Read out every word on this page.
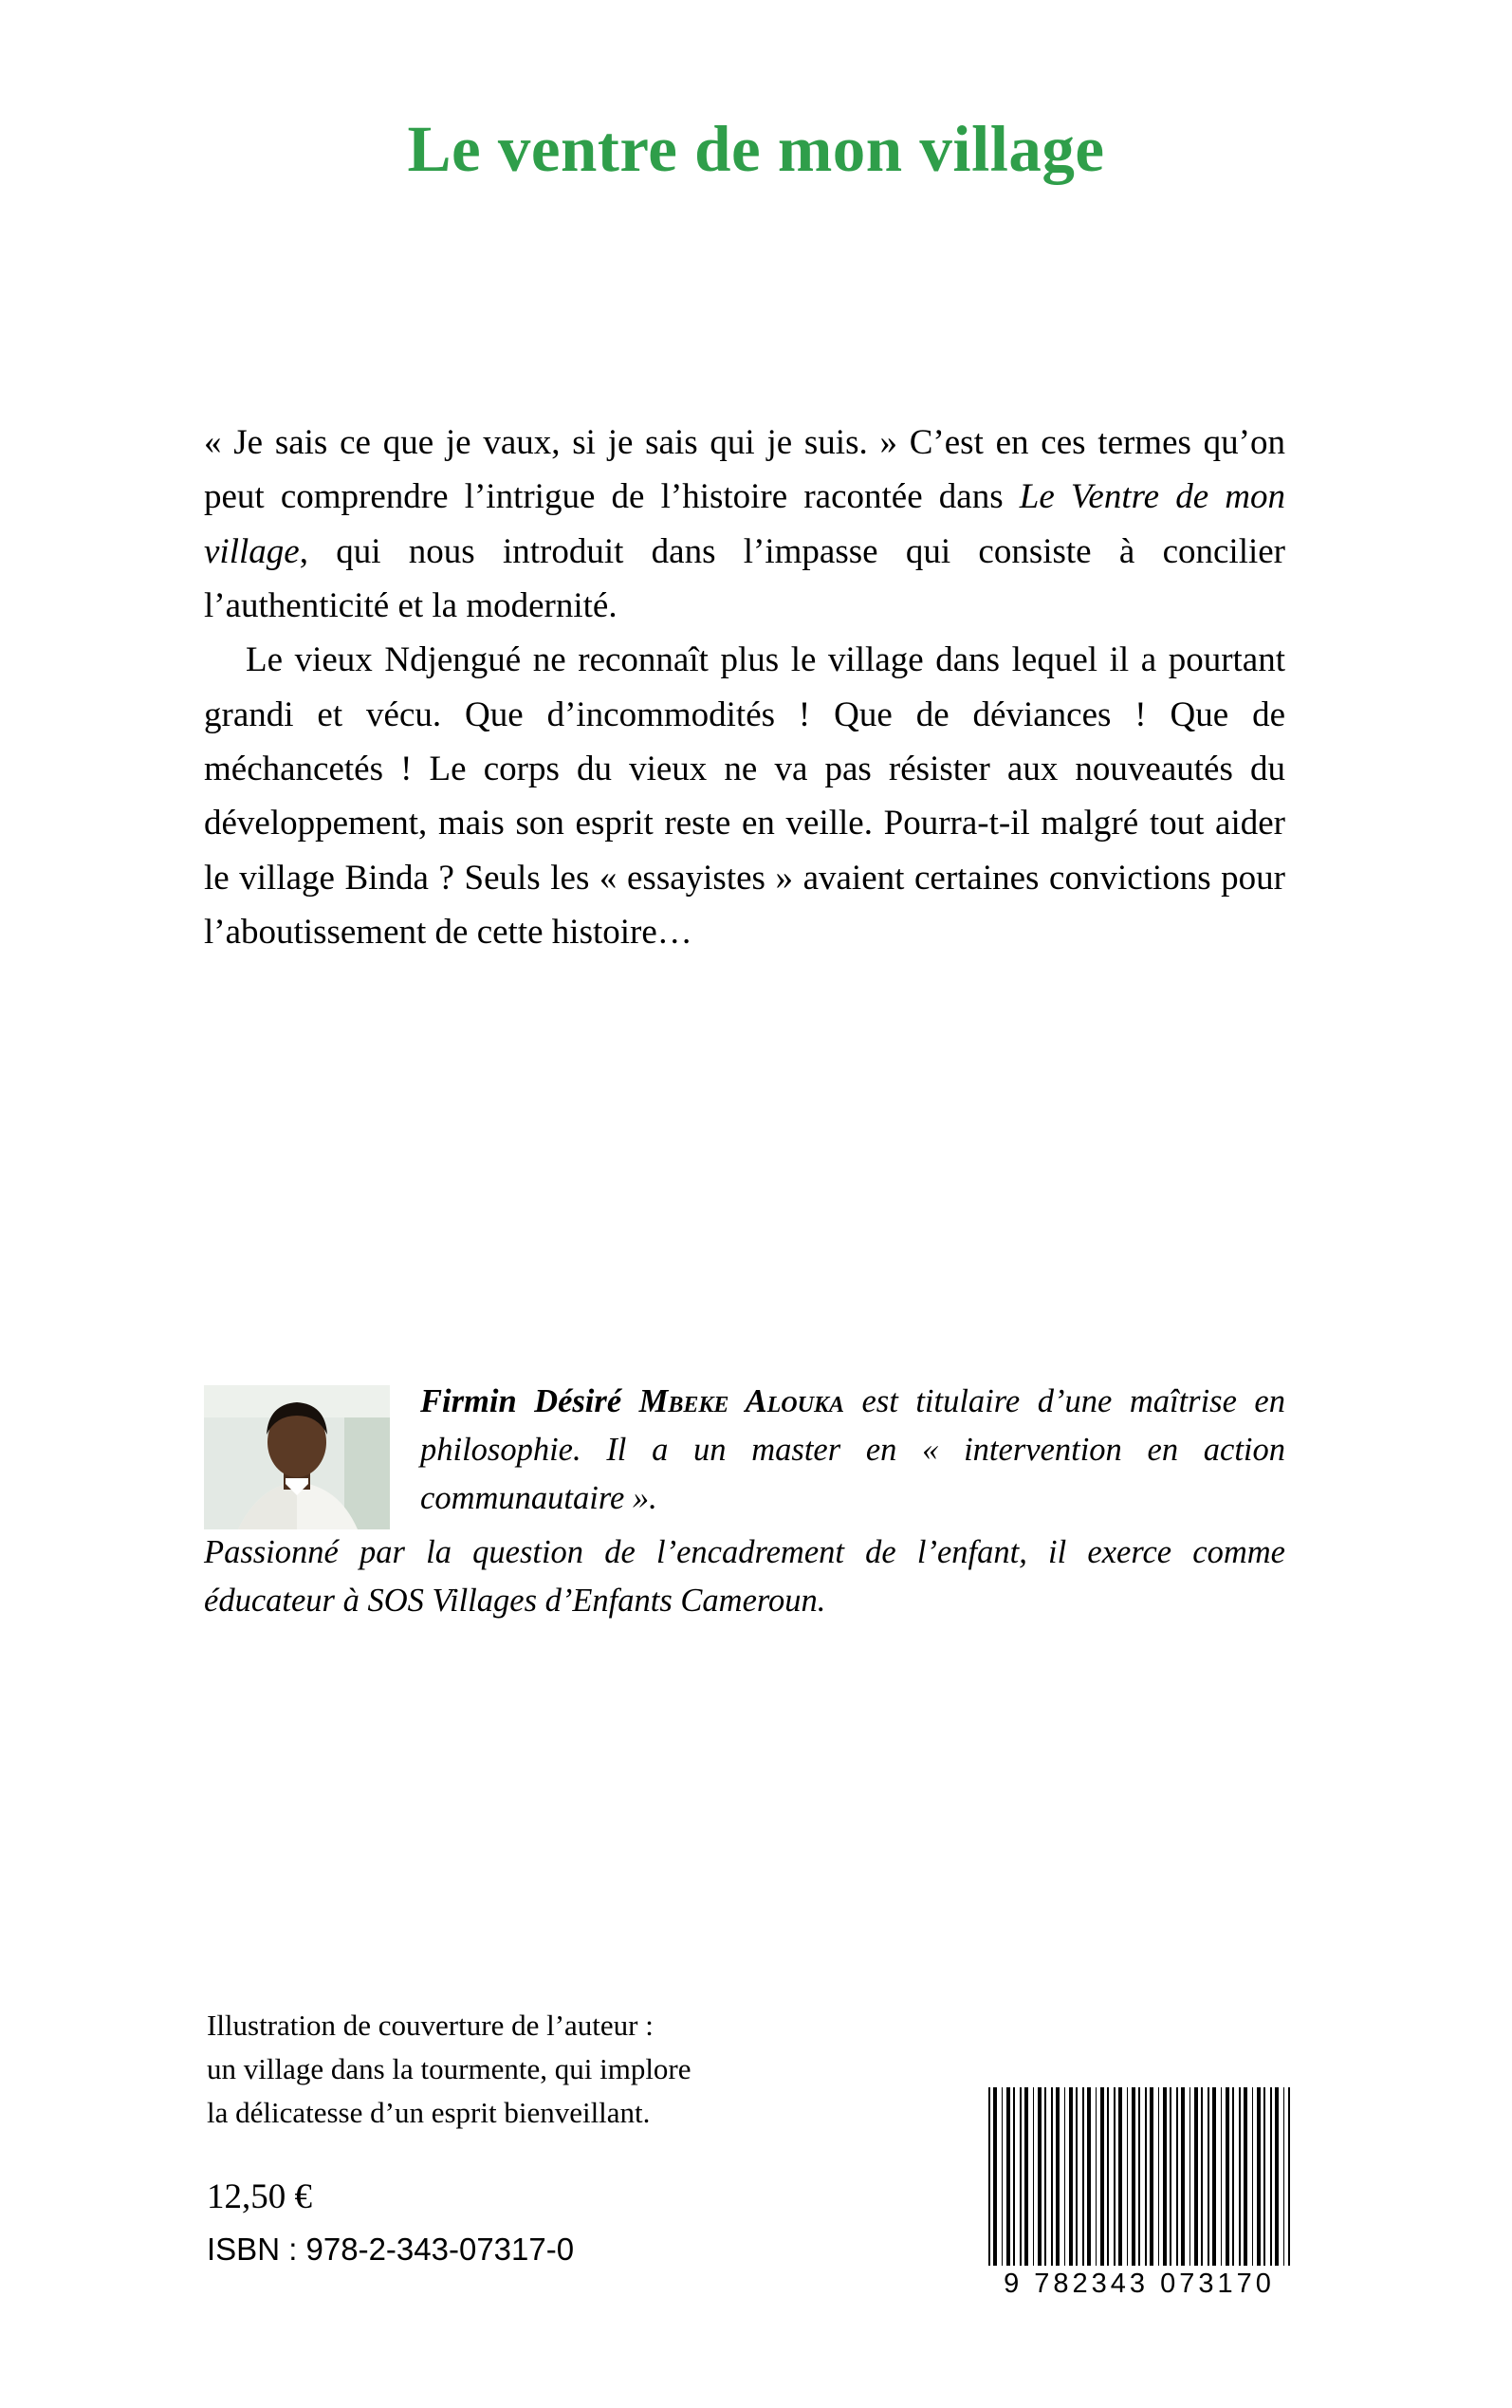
Le ventre de mon village

« Je sais ce que je vaux, si je sais qui je suis. » C’est en ces termes qu’on peut comprendre l’intrigue de l’histoire racontée dans Le Ventre de mon village, qui nous introduit dans l’impasse qui consiste à concilier l’authenticité et la modernité.

Le vieux Ndjengué ne reconnaît plus le village dans lequel il a pourtant grandi et vécu. Que d’incommodités ! Que de déviances ! Que de méchancetés ! Le corps du vieux ne va pas résister aux nouveautés du développement, mais son esprit reste en veille. Pourra-t-il malgré tout aider le village Binda ? Seuls les « essayistes » avaient certaines convictions pour l’aboutissement de cette histoire…

Firmin Désiré Mbeke Alouka est titulaire d’une maîtrise en philosophie. Il a un master en « intervention en action communautaire ».

Passionné par la question de l’encadrement de l’enfant, il exerce comme éducateur à SOS Villages d’Enfants Cameroun.

Illustration de couverture de l’auteur :
un village dans la tourmente, qui implore
la délicatesse d’un esprit bienveillant.
12,50 €
ISBN : 978-2-343-07317-0
9 782343 073170
